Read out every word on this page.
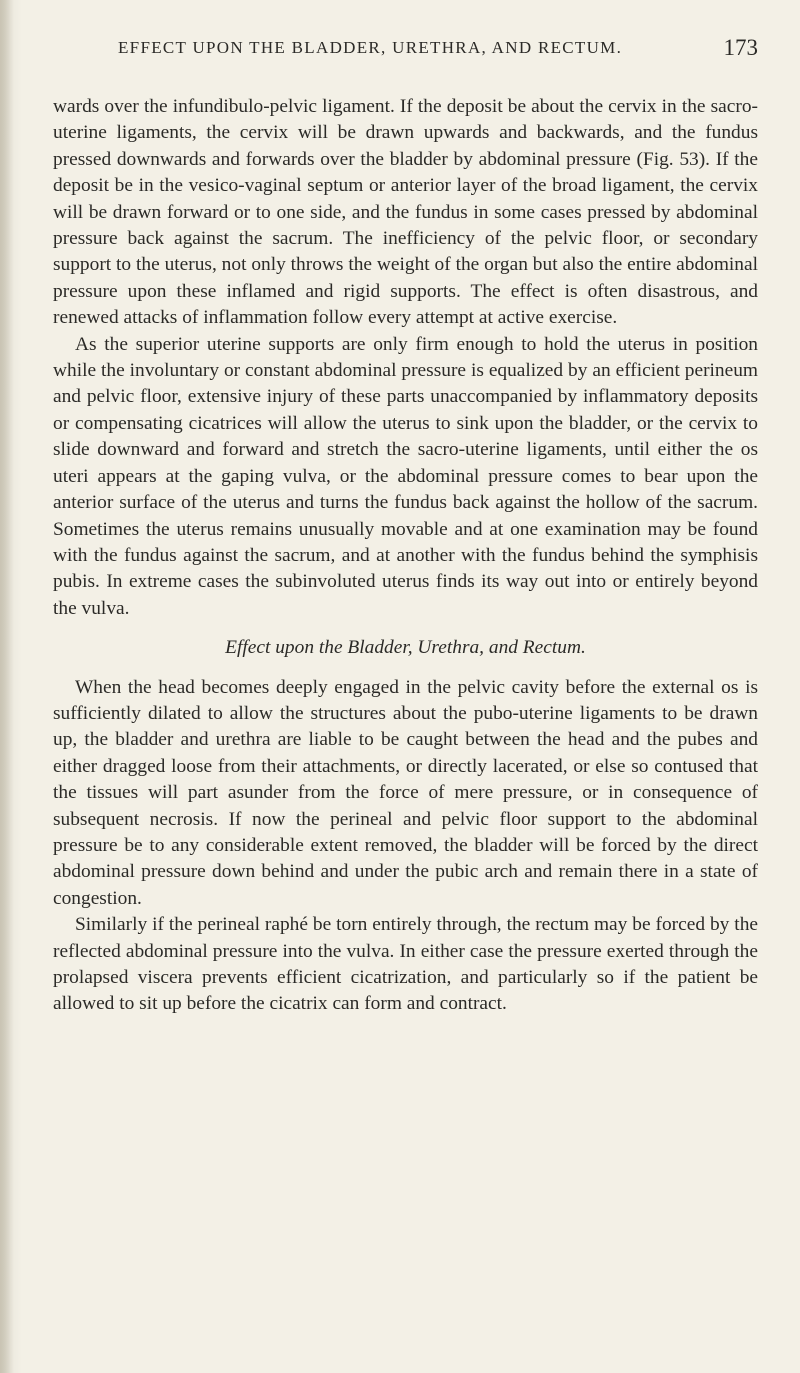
EFFECT UPON THE BLADDER, URETHRA, AND RECTUM.	173

wards over the infundibulo-pelvic ligament. If the deposit be about the cervix in the sacro-uterine ligaments, the cervix will be drawn upwards and backwards, and the fundus pressed downwards and forwards over the bladder by abdominal pressure (Fig. 53). If the deposit be in the vesico-vaginal septum or anterior layer of the broad ligament, the cervix will be drawn forward or to one side, and the fundus in some cases pressed by abdominal pressure back against the sacrum. The inefficiency of the pelvic floor, or secondary support to the uterus, not only throws the weight of the organ but also the entire abdominal pressure upon these inflamed and rigid supports. The effect is often disastrous, and renewed attacks of inflammation follow every attempt at active exercise.

As the superior uterine supports are only firm enough to hold the uterus in position while the involuntary or constant abdominal pressure is equalized by an efficient perineum and pelvic floor, extensive injury of these parts unaccompanied by inflammatory deposits or compensating cicatrices will allow the uterus to sink upon the bladder, or the cervix to slide downward and forward and stretch the sacro-uterine ligaments, until either the os uteri appears at the gaping vulva, or the abdominal pressure comes to bear upon the anterior surface of the uterus and turns the fundus back against the hollow of the sacrum. Sometimes the uterus remains unusually movable and at one examination may be found with the fundus against the sacrum, and at another with the fundus behind the symphisis pubis. In extreme cases the subinvoluted uterus finds its way out into or entirely beyond the vulva.

Effect upon the Bladder, Urethra, and Rectum.

When the head becomes deeply engaged in the pelvic cavity before the external os is sufficiently dilated to allow the structures about the pubo-uterine ligaments to be drawn up, the bladder and urethra are liable to be caught between the head and the pubes and either dragged loose from their attachments, or directly lacerated, or else so contused that the tissues will part asunder from the force of mere pressure, or in consequence of subsequent necrosis. If now the perineal and pelvic floor support to the abdominal pressure be to any considerable extent removed, the bladder will be forced by the direct abdominal pressure down behind and under the pubic arch and remain there in a state of congestion.

Similarly if the perineal raphé be torn entirely through, the rectum may be forced by the reflected abdominal pressure into the vulva. In either case the pressure exerted through the prolapsed viscera prevents efficient cicatrization, and particularly so if the patient be allowed to sit up before the cicatrix can form and contract.
